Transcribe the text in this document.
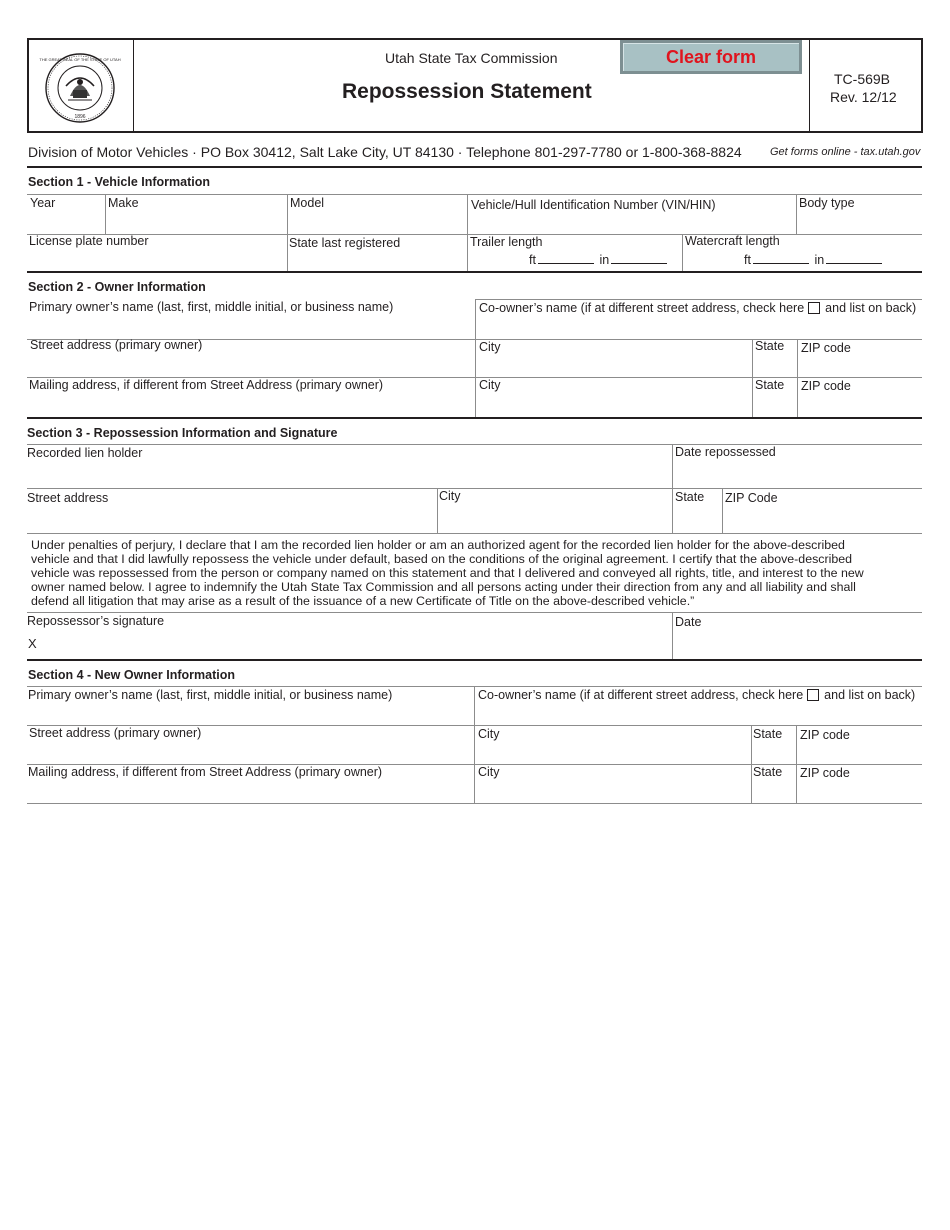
1896
THE GREAT SEAL OF THE STATE OF UTAH	Utah State Tax Commission
Repossession Statement
Clear form
TC-569B
Rev. 12/12
Division of Motor Vehicles · PO Box 30412, Salt Lake City, UT 84130 · Telephone 801-297-7780 or 1-800-368-8824	Get forms online - tax.utah.gov
Section 1 - Vehicle Information
Year	Make	Model	Vehicle/Hull Identification Number (VIN/HIN)	Body type
License plate number	State last registered	Trailer length	Watercraft length
ft	in	ft	in
Section 2 - Owner Information
Primary owner’s name (last, first, middle initial, or business name)	Co-owner’s name (if at different street address, check here and list on back)
Street address (primary owner)	City	State ZIP code
Mailing address, if different from Street Address (primary owner)	City	State ZIP code
Section 3 - Repossession Information and Signature
Recorded lien holder	Date repossessed
Street address	City	State ZIP Code
Under penalties of perjury, I declare that I am the recorded lien holder or am an authorized agent for the recorded lien holder for the above-described
vehicle and that I did lawfully repossess the vehicle under default, based on the conditions of the original agreement. I certify that the above-described
vehicle was repossessed from the person or company named on this statement and that I delivered and conveyed all rights, title, and interest to the new
owner named below. I agree to indemnify the Utah State Tax Commission and all persons acting under their direction from any and all liability and shall
defend all litigation that may arise as a result of the issuance of a new Certificate of Title on the above-described vehicle.”
Repossessor’s signature
X
Date
Section 4 - New Owner Information
Primary owner’s name (last, first, middle initial, or business name)	Co-owner’s name (if at different street address, check here and list on back)
Street address (primary owner)	City	State ZIP code
Mailing address, if different from Street Address (primary owner)	City	State ZIP code
